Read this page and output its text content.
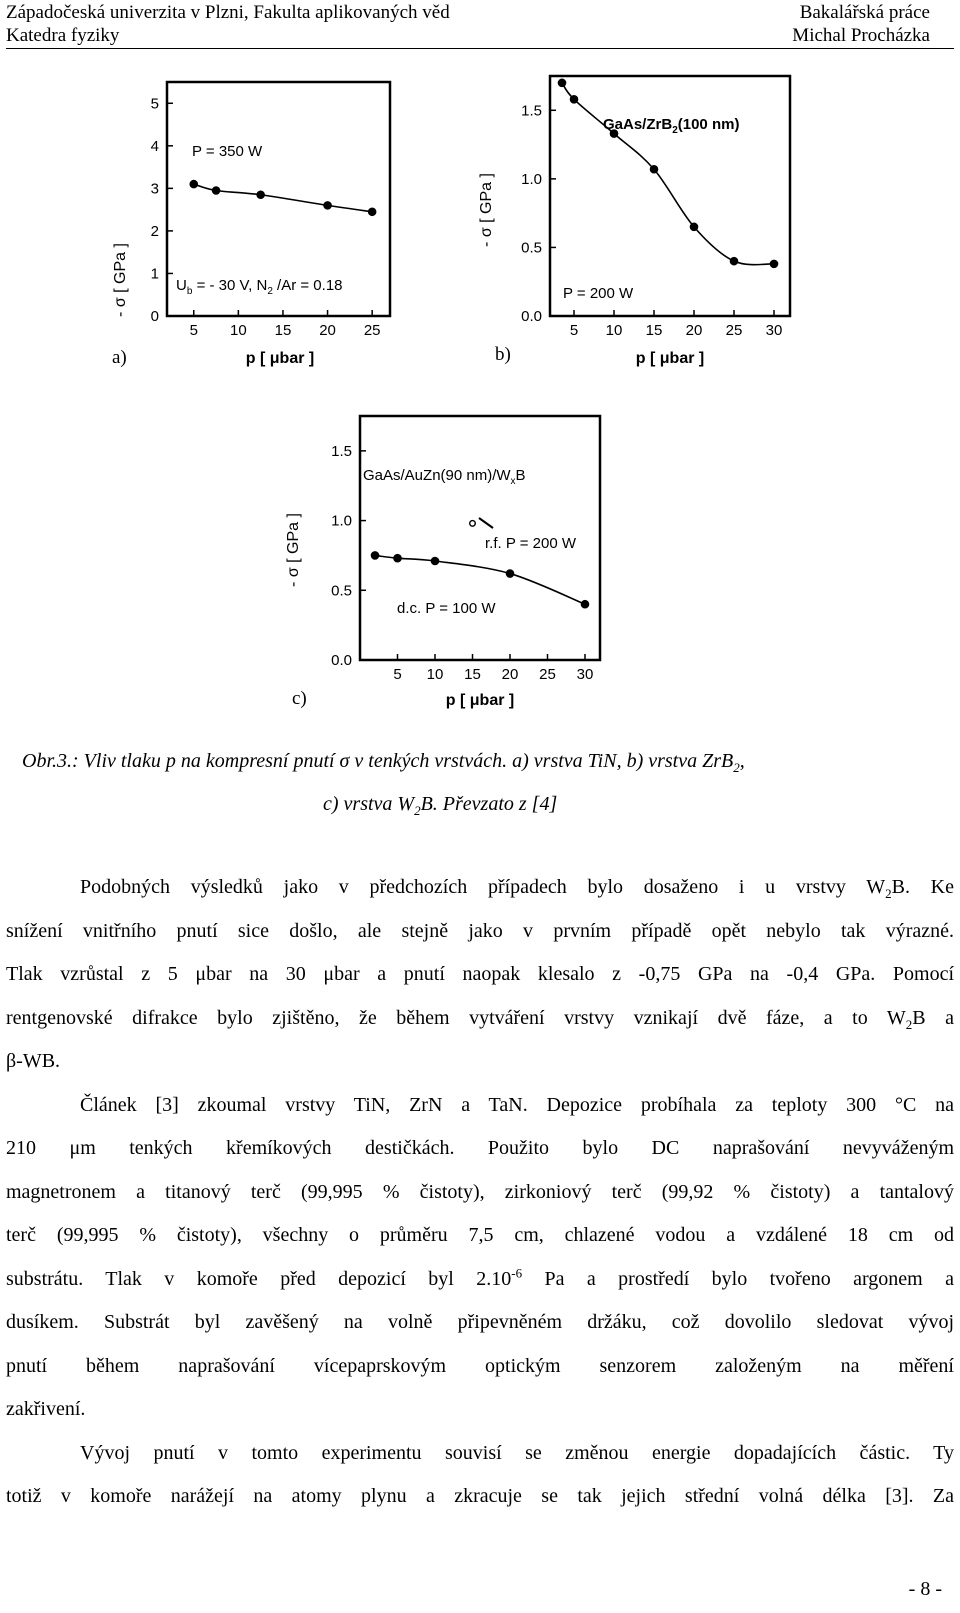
Západočeská univerzita v Plzni, Fakulta aplikovaných věd
Katedra fyziky
Bakalářská práce
Michal Procházka
5 10 15 20 25
0
1
2
3
4
5
- σ [ GPa ]
p [ μbar ]
a)
P = 350 W
$U_b$ = - 30 V, $N_2$ /Ar = 0.18
5 10 15 20 25 30
0.0
0.5
1.0
1.5
- σ [ GPa ]
p [ μbar ]
b)
GaAs/ZrB$_2$(100 nm)
P = 200 W
5 10 15 20 25 30
0.0
0.5
1.0
1.5
- σ [ GPa ]
p [ μbar ]
c)
GaAs/AuZn(90 $nm)/W_xB$
r.f. P = 200 W
d.c. P = 100 W
Obr.3.: Vliv tlaku p na kompresní pnutí σ v tenkých vrstvách. a) vrstva TiN, b) vrstva ZrB$_2$,
c) vrstva $W_2B$. Převzato z [4]
Podobných výsledků jako v předchozích případech bylo dosaženo i u vrstvy $W_2B$. Ke
snížení vnitřního pnutí sice došlo, ale stejně jako v prvním případě opět nebylo tak výrazné.
Tlak vzrůstal z 5 μbar na 30 μbar a pnutí naopak klesalo z -0,75 GPa na -0,4 GPa. Pomocí
rentgenovské difrakce bylo zjištěno, že během vytváření vrstvy vznikají dvě fáze, a to $W_2B$ a
β-WB.
Článek [3] zkoumal vrstvy TiN, ZrN a TaN. Depozice probíhala za teploty 300 °C na
210 μm tenkých křemíkových destičkách. Použito bylo DC naprašování nevyváženým
magnetronem a titanový terč (99,995 % čistoty), zirkoniový terč (99,92 % čistoty) a tantalový
terč (99,995 % čistoty), všechny o průměru 7,5 cm, chlazené vodou a vzdálené 18 cm od
substrátu. Tlak v komoře před depozicí byl $2.10^{-6}$ Pa a prostředí bylo tvořeno argonem a
dusíkem. Substrát byl zavěšený na volně připevněném držáku, což dovolilo sledovat vývoj
pnutí během naprašování vícepaprskovým optickým senzorem založeným na měření
zakřivení.
Vývoj pnutí v tomto experimentu souvisí se změnou energie dopadajících částic. Ty
totiž v komoře narážejí na atomy plynu a zkracuje se tak jejich střední volná délka [3]. Za
- 8 -
